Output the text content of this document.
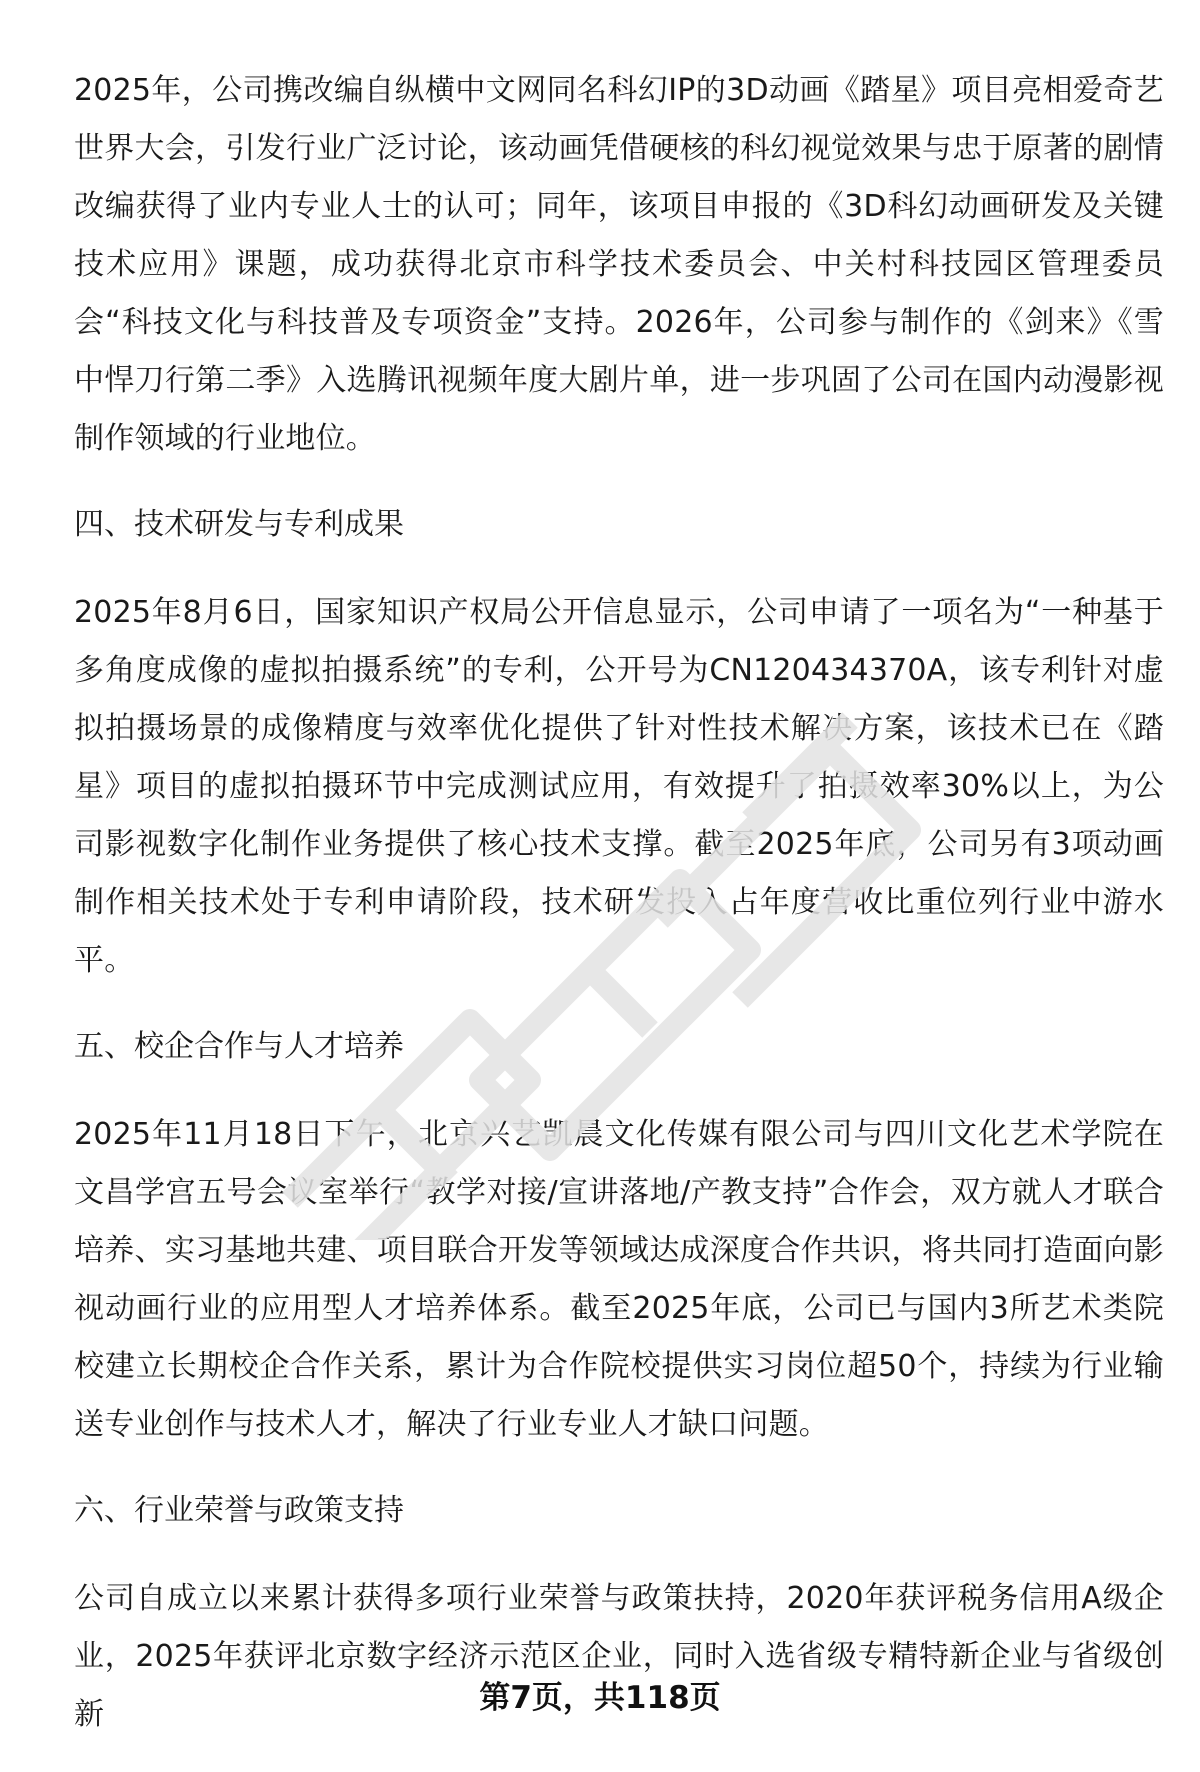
2025年，公司携改编自纵横中文网同名科幻IP的3D动画《踏星》项目亮相爱奇艺世界大会，引发行业广泛讨论，该动画凭借硬核的科幻视觉效果与忠于原著的剧情改编获得了业内专业人士的认可；同年，该项目申报的《3D科幻动画研发及关键技术应用》课题，成功获得北京市科学技术委员会、中关村科技园区管理委员会“科技文化与科技普及专项资金”支持。2026年，公司参与制作的《剑来》《雪中悍刀行第二季》入选腾讯视频年度大剧片单，进一步巩固了公司在国内动漫影视制作领域的行业地位。

四、技术研发与专利成果

2025年8月6日，国家知识产权局公开信息显示，公司申请了一项名为“一种基于多角度成像的虚拟拍摄系统”的专利，公开号为CN120434370A，该专利针对虚拟拍摄场景的成像精度与效率优化提供了针对性技术解决方案，该技术已在《踏星》项目的虚拟拍摄环节中完成测试应用，有效提升了拍摄效率30%以上，为公司影视数字化制作业务提供了核心技术支撑。截至2025年底，公司另有3项动画制作相关技术处于专利申请阶段，技术研发投入占年度营收比重位列行业中游水平。

五、校企合作与人才培养

2025年11月18日下午，北京兴艺凯晨文化传媒有限公司与四川文化艺术学院在文昌学宫五号会议室举行“教学对接/宣讲落地/产教支持”合作会，双方就人才联合培养、实习基地共建、项目联合开发等领域达成深度合作共识，将共同打造面向影视动画行业的应用型人才培养体系。截至2025年底，公司已与国内3所艺术类院校建立长期校企合作关系，累计为合作院校提供实习岗位超50个，持续为行业输送专业创作与技术人才，解决了行业专业人才缺口问题。

六、行业荣誉与政策支持

公司自成立以来累计获得多项行业荣誉与政策扶持，2020年获评税务信用A级企业，2025年获评北京数字经济示范区企业，同时入选省级专精特新企业与省级创新	第7页，共118页
